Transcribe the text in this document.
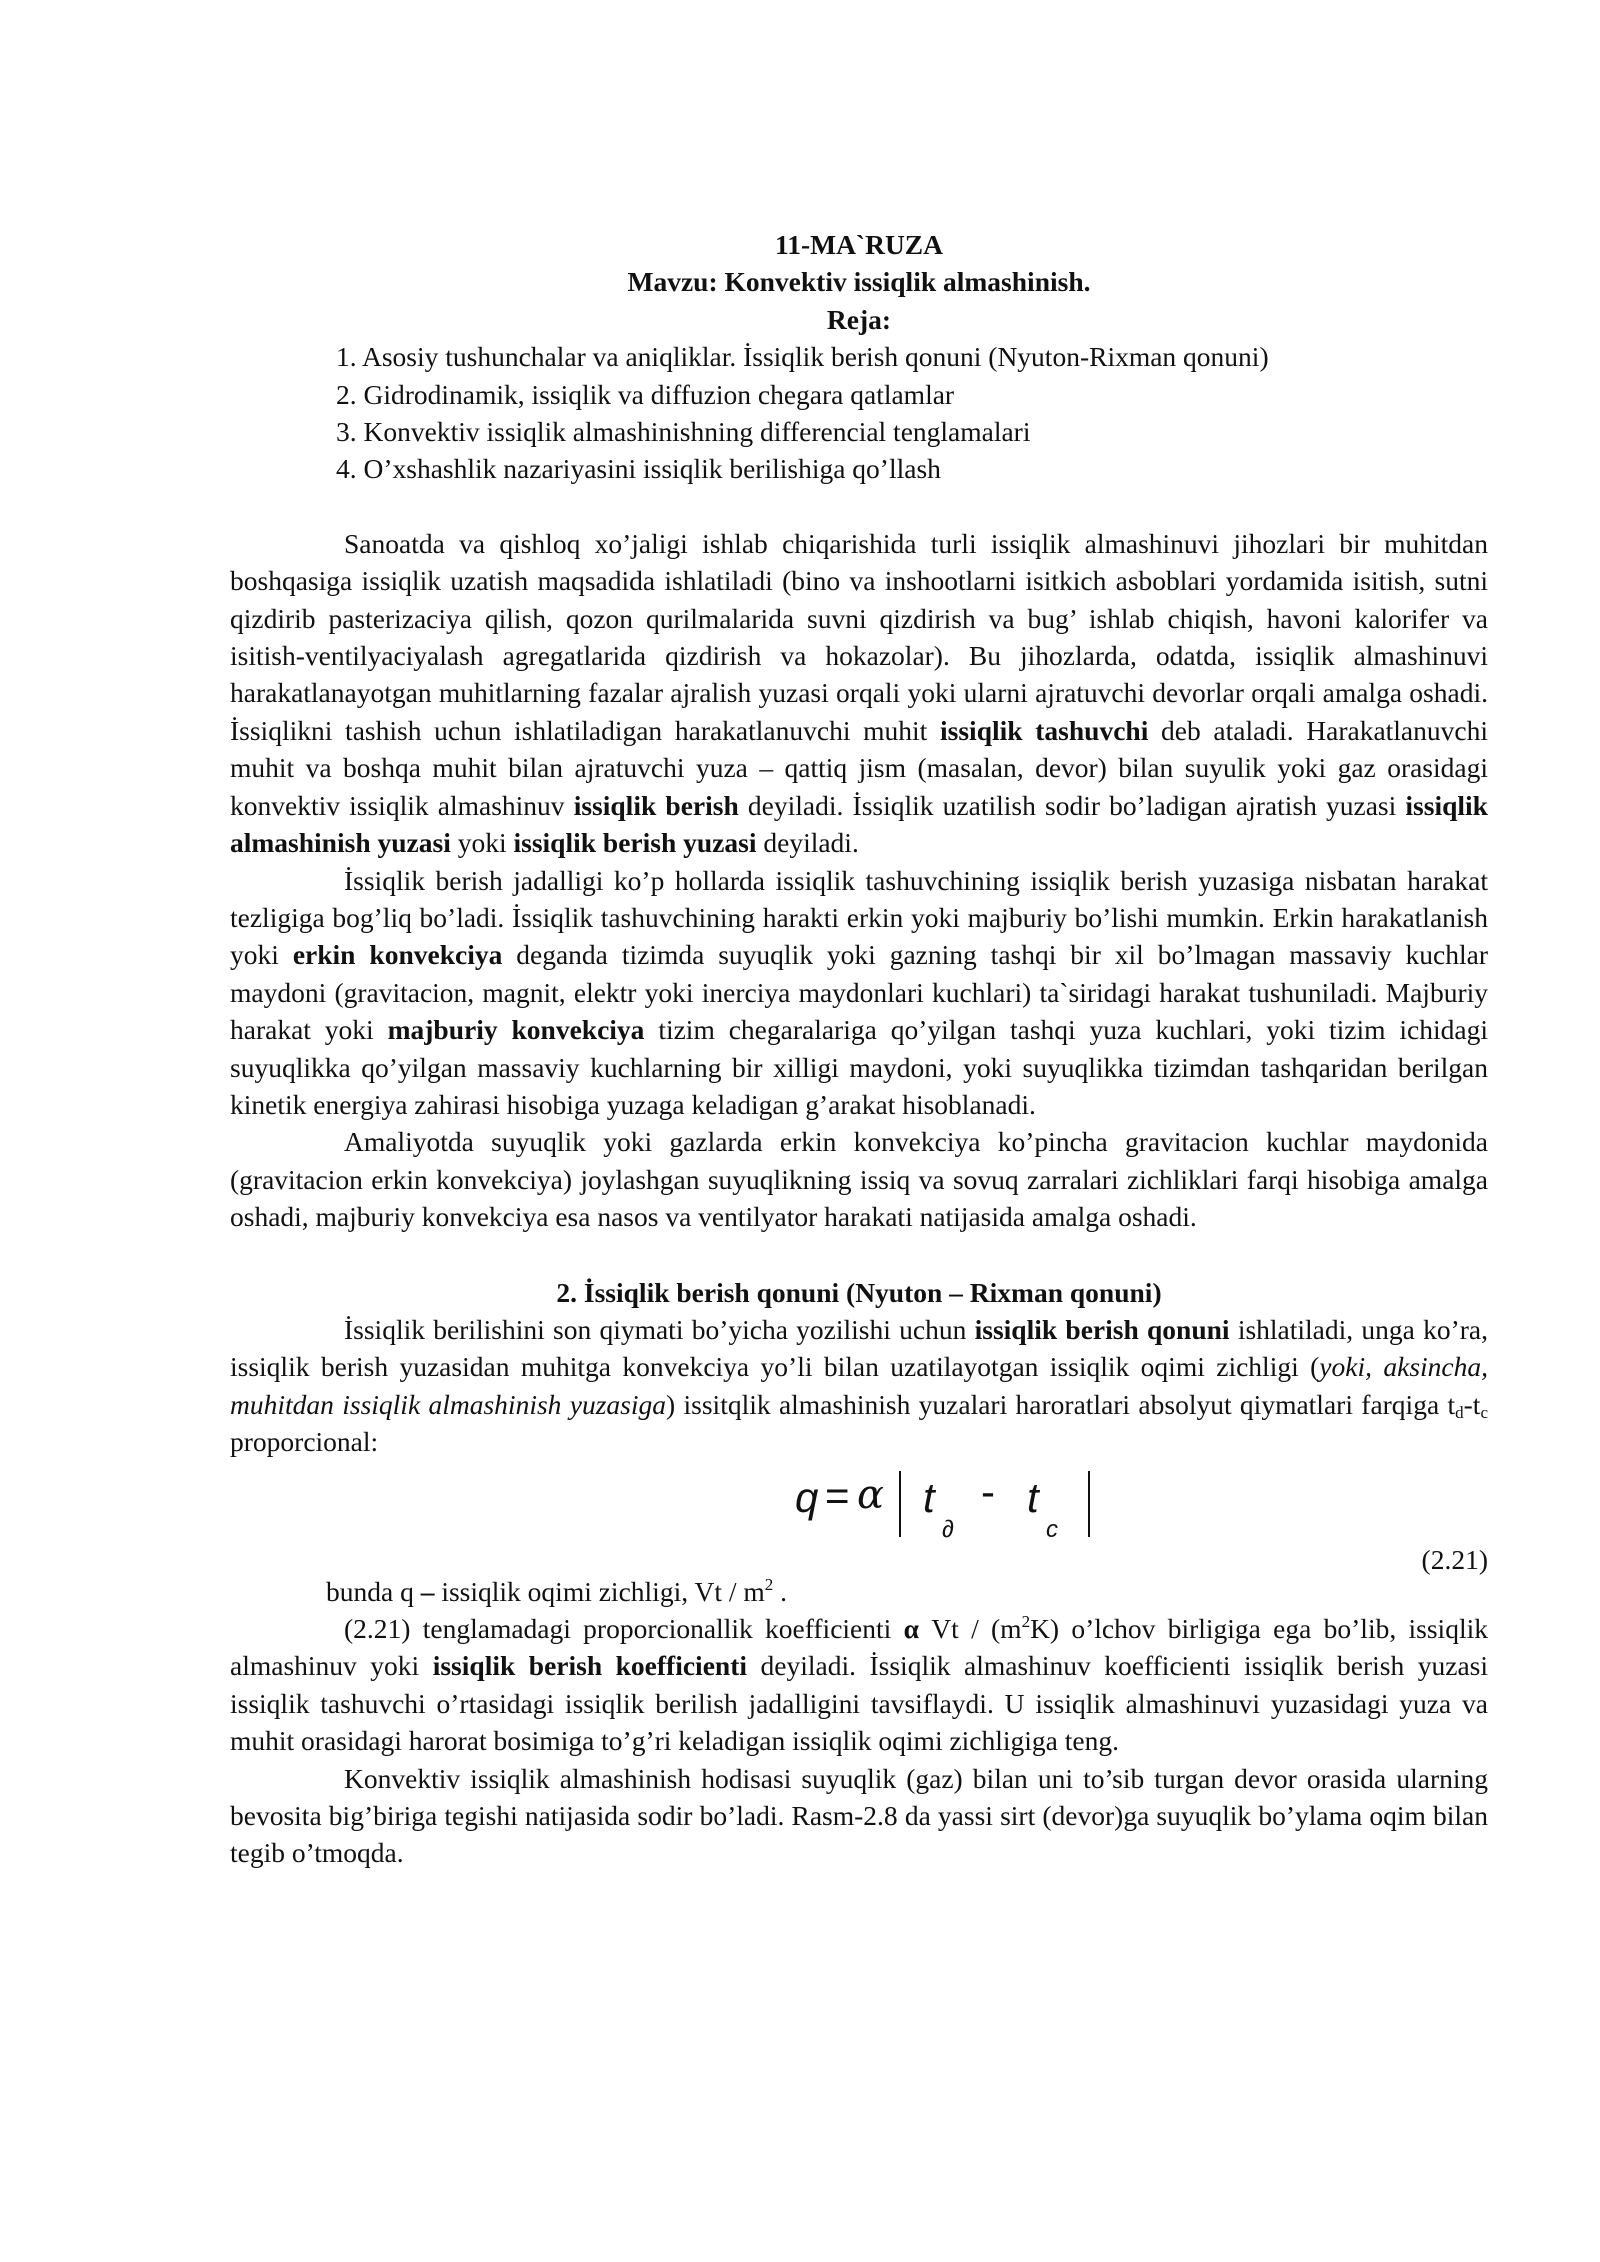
11-MA`RUZA
Mavzu: Konvektiv issiqlik almashinish.
Reja:
1. Asosiy tushunchalar va aniqliklar. İssiqlik berish qonuni (Nyuton-Rixman qonuni)
2. Gidrodinamik, issiqlik va diffuzion chegara qatlamlar
3. Konvektiv issiqlik almashinishning differencial tenglamalari
4. O’xshashlik nazariyasini issiqlik berilishiga qo’llash

Sanoatda va qishloq xo’jaligi ishlab chiqarishida turli issiqlik almashinuvi jihozlari bir muhitdan boshqasiga issiqlik uzatish maqsadida ishlatiladi (bino va inshootlarni isitkich asboblari yordamida isitish, sutni qizdirib pasterizaciya qilish, qozon qurilmalarida suvni qizdirish va bug’ ishlab chiqish, havoni kalorifer va isitish-ventilyaciyalash agregatlarida qizdirish va hokazolar). Bu jihozlarda, odatda, issiqlik almashinuvi harakatlanayotgan muhitlarning fazalar ajralish yuzasi orqali yoki ularni ajratuvchi devorlar orqali amalga oshadi. İssiqlikni tashish uchun ishlatiladigan harakatlanuvchi muhit issiqlik tashuvchi deb ataladi. Harakatlanuvchi muhit va boshqa muhit bilan ajratuvchi yuza – qattiq jism (masalan, devor) bilan suyulik yoki gaz orasidagi konvektiv issiqlik almashinuv issiqlik berish deyiladi. İssiqlik uzatilish sodir bo’ladigan ajratish yuzasi issiqlik almashinish yuzasi yoki issiqlik berish yuzasi deyiladi.

İssiqlik berish jadalligi ko’p hollarda issiqlik tashuvchining issiqlik berish yuzasiga nisbatan harakat tezligiga bog’liq bo’ladi. İssiqlik tashuvchining harakti erkin yoki majburiy bo’lishi mumkin. Erkin harakatlanish yoki erkin konvekciya deganda tizimda suyuqlik yoki gazning tashqi bir xil bo’lmagan massaviy kuchlar maydoni (gravitacion, magnit, elektr yoki inerciya maydonlari kuchlari) ta`siridagi harakat tushuniladi. Majburiy harakat yoki majburiy konvekciya tizim chegaralariga qo’yilgan tashqi yuza kuchlari, yoki tizim ichidagi suyuqlikka qo’yilgan massaviy kuchlarning bir xilligi maydoni, yoki suyuqlikka tizimdan tashqaridan berilgan kinetik energiya zahirasi hisobiga yuzaga keladigan g’arakat hisoblanadi.

Amaliyotda suyuqlik yoki gazlarda erkin konvekciya ko’pincha gravitacion kuchlar maydonida (gravitacion erkin konvekciya) joylashgan suyuqlikning issiq va sovuq zarralari zichliklari farqi hisobiga amalga oshadi, majburiy konvekciya esa nasos va ventilyator harakati natijasida amalga oshadi.

2. İssiqlik berish qonuni (Nyuton – Rixman qonuni)

İssiqlik berilishini son qiymati bo’yicha yozilishi uchun issiqlik berish qonuni ishlatiladi, unga ko’ra, issiqlik berish yuzasidan muhitga konvekciya yo’li bilan uzatilayotgan issiqlik oqimi zichligi (yoki, aksincha, muhitdan issiqlik almashinish yuzasiga) issitqlik almashinish yuzalari haroratlari absolyut qiymatlari farqiga $t_d-t_c$ proporcional:

q = α t
∂
- t
c
(2.21)
bunda q – issiqlik oqimi zichligi, Vt / $m^2$ .

(2.21) tenglamadagi proporcionallik koefficienti α Vt / $(m^2K)$ o’lchov birligiga ega bo’lib, issiqlik almashinuv yoki issiqlik berish koefficienti deyiladi. İssiqlik almashinuv koefficienti issiqlik berish yuzasi issiqlik tashuvchi o’rtasidagi issiqlik berilish jadalligini tavsiflaydi. U issiqlik almashinuvi yuzasidagi yuza va muhit orasidagi harorat bosimiga to’g’ri keladigan issiqlik oqimi zichligiga teng.

Konvektiv issiqlik almashinish hodisasi suyuqlik (gaz) bilan uni to’sib turgan devor orasida ularning bevosita big’biriga tegishi natijasida sodir bo’ladi. Rasm-2.8 da yassi sirt (devor)ga suyuqlik bo’ylama oqim bilan tegib o’tmoqda.
